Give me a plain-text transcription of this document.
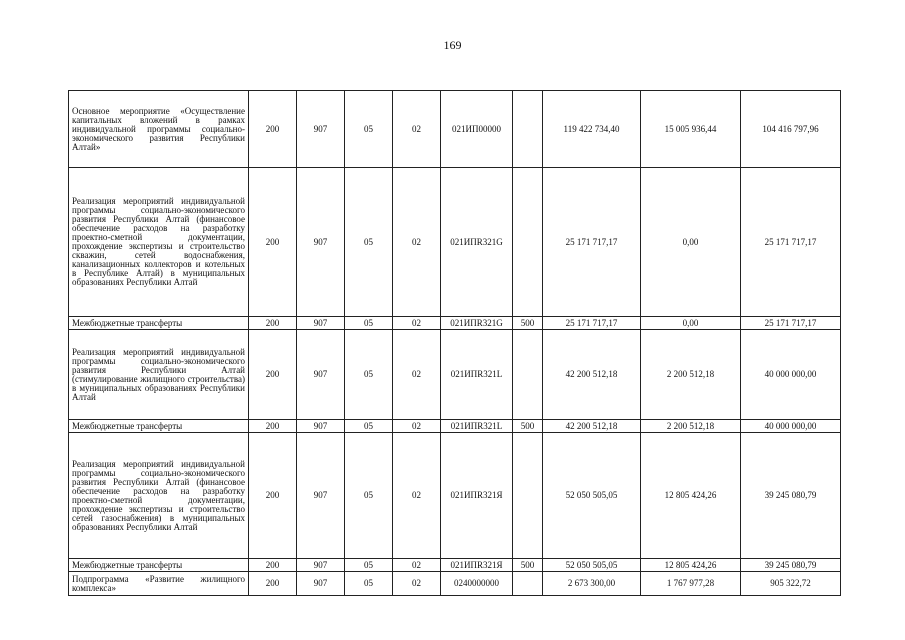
169
Основное мероприятие «Осуществление капитальных вложений в рамках индивидуальной программы социально-экономического развития Республики Алтай»	200	907	05	02	021ИП00000		119 422 734,40	15 005 936,44	104 416 797,96
Реализация мероприятий индивидуальной программы социально-экономического развития Республики Алтай (финансовое обеспечение расходов на разработку проектно-сметной документации, прохождение экспертизы и строительство скважин, сетей водоснабжения, канализационных коллекторов и котельных в Республике Алтай) в муниципальных образованиях Республики Алтай	200	907	05	02	021ИПR321G		25 171 717,17	0,00	25 171 717,17
Межбюджетные трансферты	200	907	05	02	021ИПR321G	500	25 171 717,17	0,00	25 171 717,17
Реализация мероприятий индивидуальной программы социально-экономического развития Республики Алтай (стимулирование жилищного строительства) в муниципальных образованиях Республики Алтай	200	907	05	02	021ИПR321L		42 200 512,18	2 200 512,18	40 000 000,00
Межбюджетные трансферты	200	907	05	02	021ИПR321L	500	42 200 512,18	2 200 512,18	40 000 000,00
Реализация мероприятий индивидуальной программы социально-экономического развития Республики Алтай (финансовое обеспечение расходов на разработку проектно-сметной документации, прохождение экспертизы и строительство сетей газоснабжения) в муниципальных образованиях Республики Алтай	200	907	05	02	021ИПR321Я		52 050 505,05	12 805 424,26	39 245 080,79
Межбюджетные трансферты	200	907	05	02	021ИПR321Я	500	52 050 505,05	12 805 424,26	39 245 080,79
Подпрограмма «Развитие жилищного комплекса»	200	907	05	02	0240000000		2 673 300,00	1 767 977,28	905 322,72
